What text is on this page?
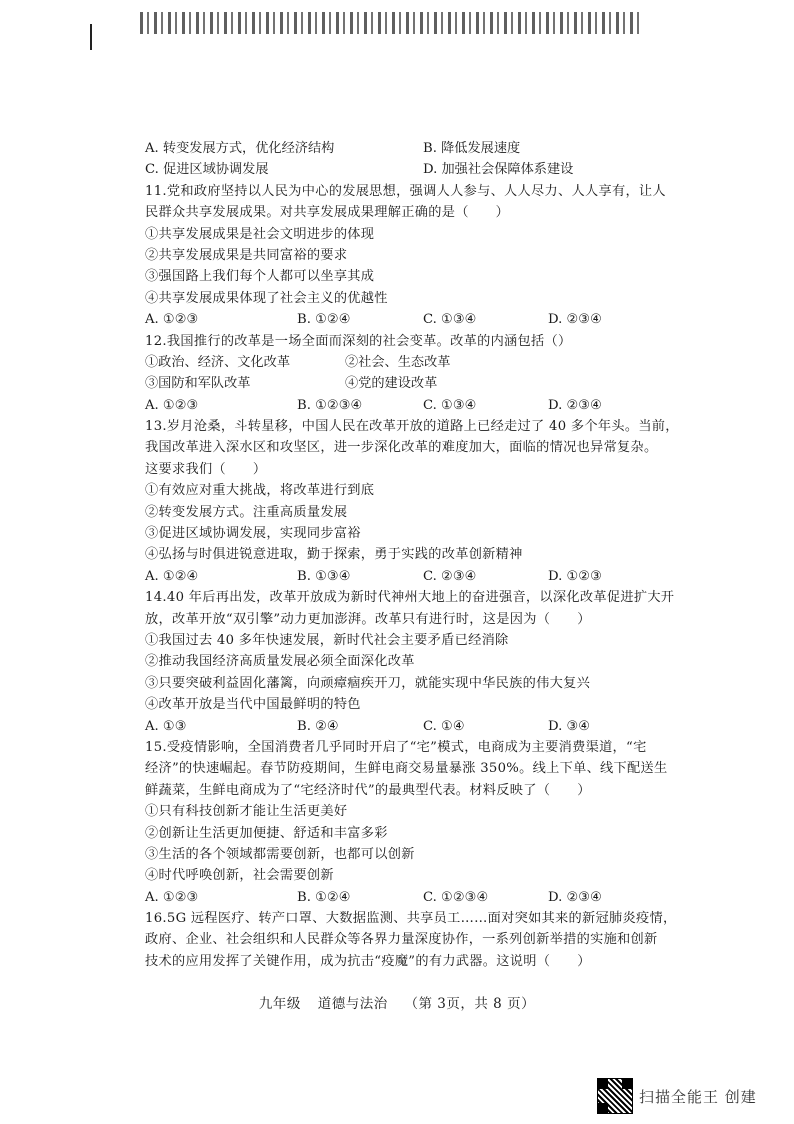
A. 转变发展方式，优化经济结构	B. 降低发展速度
C. 促进区域协调发展	D. 加强社会保障体系建设
11.党和政府坚持以人民为中心的发展思想，强调人人参与、人人尽力、人人享有，让人
民群众共享发展成果。对共享发展成果理解正确的是（　　）
①共享发展成果是社会文明进步的体现
②共享发展成果是共同富裕的要求
③强国路上我们每个人都可以坐享其成
④共享发展成果体现了社会主义的优越性
A. ①②③	B. ①②④	C. ①③④	D. ②③④
12.我国推行的改革是一场全面而深刻的社会变革。改革的内涵包括（）
①政治、经济、文化改革	②社会、生态改革
③国防和军队改革	④党的建设改革
A. ①②③	B. ①②③④	C. ①③④	D. ②③④
13.岁月沧桑，斗转星移，中国人民在改革开放的道路上已经走过了 40 多个年头。当前，
我国改革进入深水区和攻坚区，进一步深化改革的难度加大，面临的情况也异常复杂。
这要求我们（　　）
①有效应对重大挑战，将改革进行到底
②转变发展方式。注重高质量发展
③促进区域协调发展，实现同步富裕
④弘扬与时俱进锐意进取，勤于探索，勇于实践的改革创新精神
A. ①②④	B. ①③④	C. ②③④	D. ①②③
14.40 年后再出发，改革开放成为新时代神州大地上的奋进强音，以深化改革促进扩大开
放，改革开放“双引擎”动力更加澎湃。改革只有进行时，这是因为（　　）
①我国过去 40 多年快速发展，新时代社会主要矛盾已经消除
②推动我国经济高质量发展必须全面深化改革
③只要突破利益固化藩篱，向顽瘴痼疾开刀，就能实现中华民族的伟大复兴
④改革开放是当代中国最鲜明的特色
A. ①③	B. ②④	C. ①④	D. ③④
15.受疫情影响，全国消费者几乎同时开启了“宅”模式，电商成为主要消费渠道，“宅
经济”的快速崛起。春节防疫期间，生鲜电商交易量暴涨 350%。线上下单、线下配送生
鲜蔬菜，生鲜电商成为了“宅经济时代”的最典型代表。材料反映了（　　）
①只有科技创新才能让生活更美好
②创新让生活更加便捷、舒适和丰富多彩
③生活的各个领域都需要创新，也都可以创新
④时代呼唤创新，社会需要创新
A. ①②③	B. ①②④	C. ①②③④	D. ②③④
16.5G 远程医疗、转产口罩、大数据监测、共享员工……面对突如其来的新冠肺炎疫情，
政府、企业、社会组织和人民群众等各界力量深度协作，一系列创新举措的实施和创新
技术的应用发挥了关键作用，成为抗击“疫魔”的有力武器。这说明（　　）
九年级 道德与法治 （第 3页，共 8 页）
扫描全能王 创建
